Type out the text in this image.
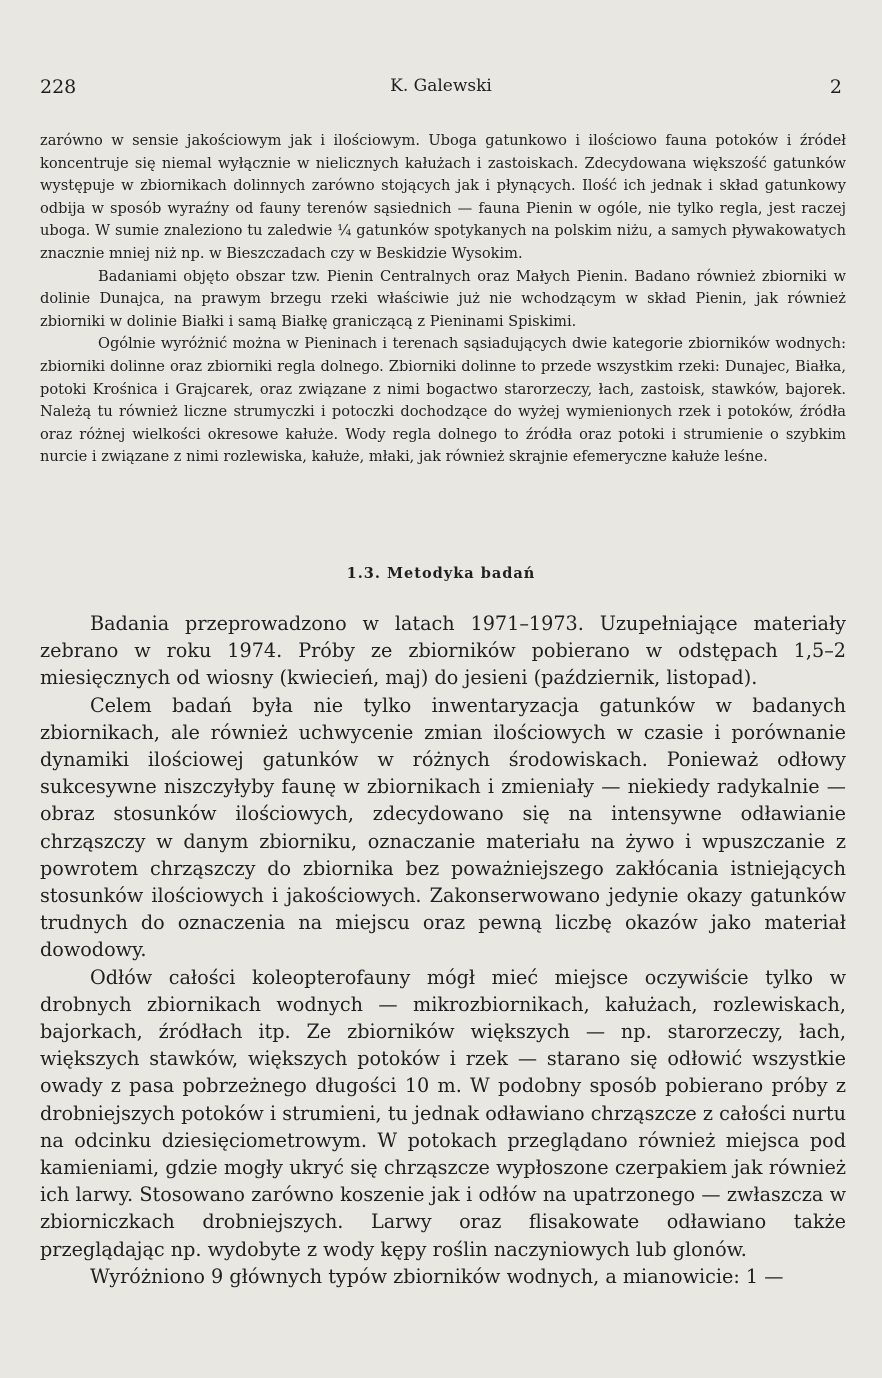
228	K. Galewski	2

zarówno w sensie jakościowym jak i ilościowym. Uboga gatunkowo i ilościowo fauna potoków i źródeł koncentruje się niemal wyłącznie w nielicznych kałużach i zastoiskach. Zdecydowana większość gatunków występuje w zbiornikach dolinnych zarówno stojących jak i płynących. Ilość ich jednak i skład gatunkowy odbija w sposób wyraźny od fauny terenów sąsiednich — fauna Pienin w ogóle, nie tylko regla, jest raczej uboga. W sumie znaleziono tu zaledwie ¼ gatunków spotykanych na polskim niżu, a samych pływakowatych znacznie mniej niż np. w Bieszczadach czy w Beskidzie Wysokim.

Badaniami objęto obszar tzw. Pienin Centralnych oraz Małych Pienin. Badano również zbiorniki w dolinie Dunajca, na prawym brzegu rzeki właściwie już nie wchodzącym w skład Pienin, jak również zbiorniki w dolinie Białki i samą Białkę graniczącą z Pieninami Spiskimi.

Ogólnie wyróżnić można w Pieninach i terenach sąsiadujących dwie kategorie zbiorników wodnych: zbiorniki dolinne oraz zbiorniki regla dolnego. Zbiorniki dolinne to przede wszystkim rzeki: Dunajec, Białka, potoki Krośnica i Grajcarek, oraz związane z nimi bogactwo starorzeczy, łach, zastoisk, stawków, bajorek. Należą tu również liczne strumyczki i potoczki dochodzące do wyżej wymienionych rzek i potoków, źródła oraz różnej wielkości okresowe kałuże. Wody regla dolnego to źródła oraz potoki i strumienie o szybkim nurcie i związane z nimi rozlewiska, kałuże, młaki, jak również skrajnie efemeryczne kałuże leśne.

1.3. Metodyka badań

Badania przeprowadzono w latach 1971–1973. Uzupełniające materiały zebrano w roku 1974. Próby ze zbiorników pobierano w odstępach 1,5–2 miesięcznych od wiosny (kwiecień, maj) do jesieni (październik, listopad).

Celem badań była nie tylko inwentaryzacja gatunków w badanych zbiornikach, ale również uchwycenie zmian ilościowych w czasie i porównanie dynamiki ilościowej gatunków w różnych środowiskach. Ponieważ odłowy sukcesywne niszczyłyby faunę w zbiornikach i zmieniały — niekiedy radykalnie — obraz stosunków ilościowych, zdecydowano się na intensywne odławianie chrząszczy w danym zbiorniku, oznaczanie materiału na żywo i wpuszczanie z powrotem chrząszczy do zbiornika bez poważniejszego zakłócania istniejących stosunków ilościowych i jakościowych. Zakonserwowano jedynie okazy gatunków trudnych do oznaczenia na miejscu oraz pewną liczbę okazów jako materiał dowodowy.

Odłów całości koleopterofauny mógł mieć miejsce oczywiście tylko w drobnych zbiornikach wodnych — mikrozbiornikach, kałużach, rozlewiskach, bajorkach, źródłach itp. Ze zbiorników większych — np. starorzeczy, łach, większych stawków, większych potoków i rzek — starano się odłowić wszystkie owady z pasa pobrzeżnego długości 10 m. W podobny sposób pobierano próby z drobniejszych potoków i strumieni, tu jednak odławiano chrząszcze z całości nurtu na odcinku dziesięciometrowym. W potokach przeglądano również miejsca pod kamieniami, gdzie mogły ukryć się chrząszcze wypłoszone czerpakiem jak również ich larwy. Stosowano zarówno koszenie jak i odłów na upatrzonego — zwłaszcza w zbiorniczkach drobniejszych. Larwy oraz flisakowate odławiano także przeglądając np. wydobyte z wody kępy roślin naczyniowych lub glonów.

Wyróżniono 9 głównych typów zbiorników wodnych, a mianowicie: 1 —
